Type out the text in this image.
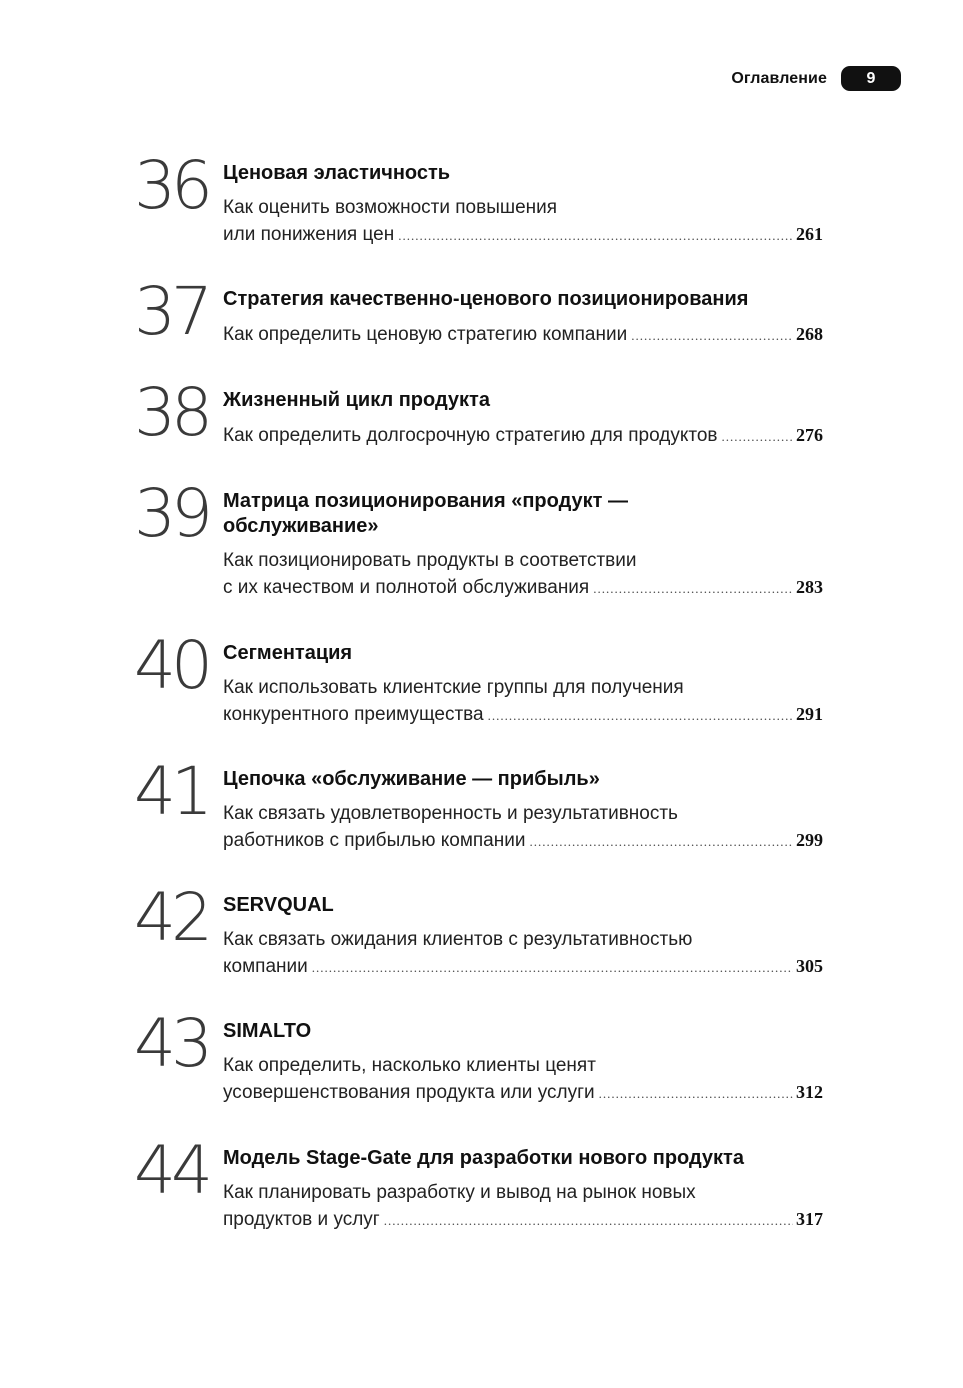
Оглавление	9
36 Ценовая эластичность
Как оценить возможности повышения
или понижения цен .....	261
37 Стратегия качественно-ценового позиционирования
Как определить ценовую стратегию компании .....	268
38 Жизненный цикл продукта
Как определить долгосрочную стратегию для продуктов .....	276
39 Матрица позиционирования «продукт —
обслуживание»
Как позиционировать продукты в соответствии
с их качеством и полнотой обслуживания .....	283
40 Сегментация
Как использовать клиентские группы для получения
конкурентного преимущества .....	291
41 Цепочка «обслуживание — прибыль»
Как связать удовлетворенность и результативность
работников с прибылью компании .....	299
42 SERVQUAL
Как связать ожидания клиентов с результативностью
компании .....	305
43 SIMALTO
Как определить, насколько клиенты ценят
усовершенствования продукта или услуги .....	312
44 Модель Stage-Gate для разработки нового продукта
Как планировать разработку и вывод на рынок новых
продуктов и услуг .....	317
